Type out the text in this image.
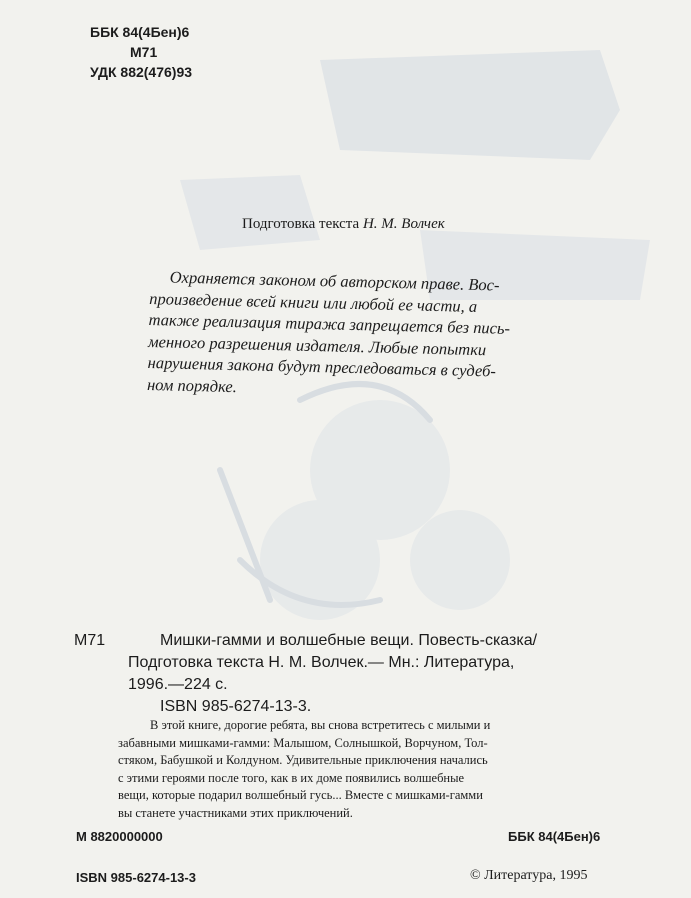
ББК 84(4Бен)6
М71
УДК 882(476)93
Подготовка текста Н. М. Волчек
Охраняется законом об авторском праве. Вос-
произведение всей книги или любой ее части, а
также реализация тиража запрещается без пись-
менного разрешения издателя. Любые попытки
нарушения закона будут преследоваться в судеб-
ном порядке.
М71	Мишки-гамми и волшебные вещи. Повесть-сказка/
Подготовка текста Н. М. Волчек.— Мн.: Литература,
1996.—224 с.
ISBN 985-6274-13-3.
В этой книге, дорогие ребята, вы снова встретитесь с милыми и
забавными мишками-гамми: Малышом, Солнышкой, Ворчуном, Тол-
стяком, Бабушкой и Колдуном. Удивительные приключения начались
с этими героями после того, как в их доме появились волшебные
вещи, которые подарил волшебный гусь... Вместе с мишками-гамми
вы станете участниками этих приключений.
М 8820000000	ББК 84(4Бен)6
ISBN 985-6274-13-3	© Литература, 1995
